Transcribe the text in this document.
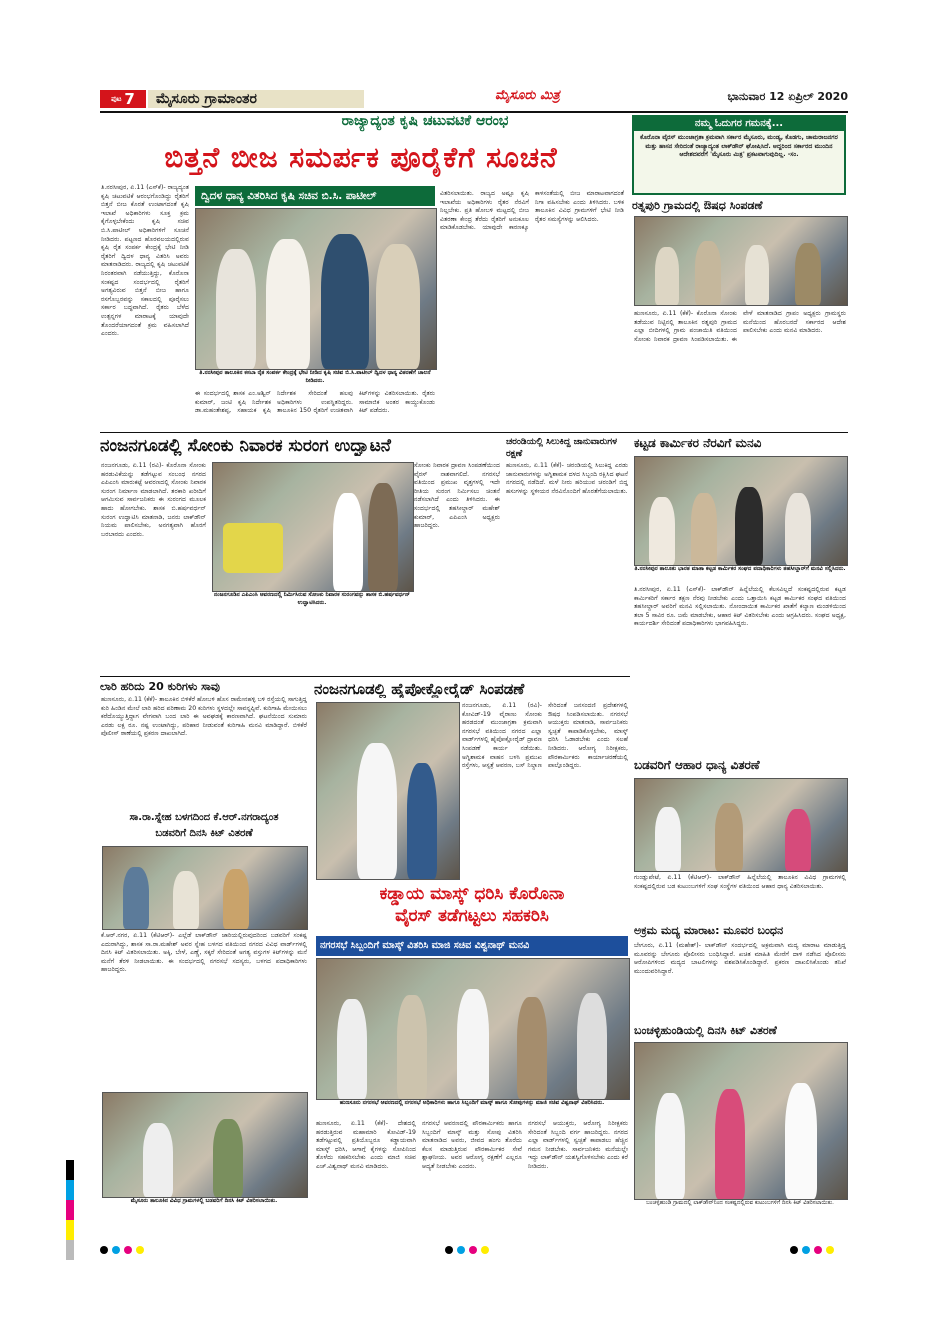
ಪುಟ 7	ಮೈಸೂರು ಗ್ರಾಮಾಂತರ	ಮೈಸೂರು ಮಿತ್ರ	ಭಾನುವಾರ 12 ಏಪ್ರಿಲ್ 2020
ರಾಜ್ಯಾದ್ಯಂತ ಕೃಷಿ ಚಟುವಟಿಕೆ ಆರಂಭ
ಬಿತ್ತನೆ ಬೀಜ ಸಮರ್ಪಕ ಪೂರೈಕೆಗೆ ಸೂಚನೆ
ನಮ್ಮ ಓದುಗರ ಗಮನಕ್ಕೆ...
ಕೊರೊನಾ ವೈರಸ್ ಮುಂಜಾಗ್ರತಾ ಕ್ರಮವಾಗಿ ಸರ್ಕಾರ ಮೈಸೂರು, ಮಂಡ್ಯ, ಕೊಡಗು, ಚಾಮರಾಜನಗರ ಮತ್ತು ಹಾಸನ ಸೇರಿದಂತೆ ರಾಜ್ಯಾದ್ಯಂತ ಲಾಕ್‌ಡೌನ್ ಘೋಷಿಸಿದೆ. ಆದ್ದರಿಂದ ಸರ್ಕಾರದ ಮುಂದಿನ ಆದೇಶದವರೆಗೆ 'ಮೈಸೂರು ಮಿತ್ರ' ಪ್ರಕಟವಾಗುವುದಿಲ್ಲ. -ಸಂ.
ತಿ.ನರಸೀಪುರ, ಏ.11 (ಎಸ್‌ಕೆ)- ರಾಜ್ಯದ್ಯಂತ ಕೃಷಿ ಚಟುವಟಿಕೆ ಆರಂಭಗೊಂಡಿದ್ದು ರೈತರಿಗೆ ಬಿತ್ತನೆ ಬೀಜ ಕೊರತೆ ಉಂಟಾಗದಂತೆ ಕೃಷಿ ಇಲಾಖೆ ಅಧಿಕಾರಿಗಳು ಸೂಕ್ತ ಕ್ರಮ ಕೈಗೊಳ್ಳಬೇಕೆಂದು ಕೃಷಿ ಸಚಿವ ಬಿ.ಸಿ.ಪಾಟೀಲ್ ಅಧಿಕಾರಿಗಳಿಗೆ ಸೂಚನೆ ನೀಡಿದರು. ಪಟ್ಟಣದ ಹೊರವಲಯದಲ್ಲಿರುವ ಕೃಷಿ ರೈತ ಸಂಪರ್ಕ ಕೇಂದ್ರಕ್ಕೆ ಭೇಟಿ ನೀಡಿ ರೈತರಿಗೆ ದ್ವಿದಳ ಧಾನ್ಯ ವಿತರಿಸಿ ಅವರು ಮಾತನಾಡಿದರು. ರಾಜ್ಯದಲ್ಲಿ ಕೃಷಿ ಚಟುವಟಿಕೆ ನಿರಂತರವಾಗಿ ನಡೆಯುತ್ತಿದ್ದು, ಕೊರೊನಾ ಸಂಕಷ್ಟದ ಸಂದರ್ಭದಲ್ಲಿ ರೈತರಿಗೆ ಅಗತ್ಯವಿರುವ ಬಿತ್ತನೆ ಬೀಜ ಹಾಗೂ ರಸಗೊಬ್ಬರವನ್ನು ಸಕಾಲದಲ್ಲಿ ಪೂರೈಸಲು ಸರ್ಕಾರ ಬದ್ಧವಾಗಿದೆ. ರೈತರು ಬೆಳೆದ ಉತ್ಪನ್ನಗಳ ಮಾರಾಟಕ್ಕೆ ಯಾವುದೇ ತೊಂದರೆಯಾಗದಂತೆ ಕ್ರಮ ವಹಿಸಲಾಗಿದೆ ಎಂದರು.
ದ್ವಿದಳ ಧಾನ್ಯ ವಿತರಿಸಿದ ಕೃಷಿ ಸಚಿವ ಬಿ.ಸಿ. ಪಾಟೀಲ್
ತಿ.ನರಸೀಪುರ ತಾಲೂಕಿನ ಕಸಬಾ ರೈತ ಸಂಪರ್ಕ ಕೇಂದ್ರಕ್ಕೆ ಭೇಟಿ ನೀಡಿದ ಕೃಷಿ ಸಚಿವ ಬಿ.ಸಿ.ಪಾಟೀಲ್ ದ್ವಿದಳ ಧಾನ್ಯ ವಿತರಣೆಗೆ ಚಾಲನೆ ನೀಡಿದರು.
ಈ ಸಂದರ್ಭದಲ್ಲಿ ಶಾಸಕ ಎಂ.ಅಶ್ವಿನ್ ಕುಮಾರ್, ಜಂಟಿ ಕೃಷಿ ನಿರ್ದೇಶಕ ಡಾ.ಮಹಂತೇಶಪ್ಪ, ಸಹಾಯಕ ಕೃಷಿ ನಿರ್ದೇಶಕ ಸೇರಿದಂತೆ ಹಲವು ಅಧಿಕಾರಿಗಳು ಉಪಸ್ಥಿತರಿದ್ದರು. ತಾಲೂಕಿನ 150 ರೈತರಿಗೆ ಉಚಿತವಾಗಿ ಕಿಟ್‌ಗಳನ್ನು ವಿತರಿಸಲಾಯಿತು. ರೈತರು ಸಾಮಾಜಿಕ ಅಂತರ ಕಾಯ್ದುಕೊಂಡು ಕಿಟ್ ಪಡೆದರು.
ವಿತರಿಸಲಾಯಿತು. ರಾಜ್ಯದ ಅಷ್ಟೂ ಕೃಷಿ ಇಲಾಖೆಯ ಅಧಿಕಾರಿಗಳು ರೈತರ ನೆರವಿಗೆ ನಿಲ್ಲಬೇಕು. ಪ್ರತಿ ಹೋಬಳಿ ಮಟ್ಟದಲ್ಲಿ ಬೀಜ ವಿತರಣಾ ಕೇಂದ್ರ ತೆರೆದು ರೈತರಿಗೆ ಅನುಕೂಲ ಮಾಡಿಕೊಡಬೇಕು. ಯಾವುದೇ ಕಾರಣಕ್ಕೂ ಕಾಳಸಂತೆಯಲ್ಲಿ ಬೀಜ ಮಾರಾಟವಾಗದಂತೆ ನಿಗಾ ವಹಿಸಬೇಕು ಎಂದು ತಿಳಿಸಿದರು. ಬಳಿಕ ತಾಲೂಕಿನ ವಿವಿಧ ಗ್ರಾಮಗಳಿಗೆ ಭೇಟಿ ನೀಡಿ ರೈತರ ಸಮಸ್ಯೆಗಳನ್ನು ಆಲಿಸಿದರು.
ರತ್ನಪುರಿ ಗ್ರಾಮದಲ್ಲಿ ಔಷಧ ಸಿಂಪಡಣೆ
ಹುಣಸೂರು, ಏ.11 (ಕೆಕೆ)- ಕೊರೊನಾ ಸೋಂಕು ತಡೆಯುವ ನಿಟ್ಟಿನಲ್ಲಿ ತಾಲೂಕಿನ ರತ್ನಪುರಿ ಗ್ರಾಮದ ಎಲ್ಲಾ ಬೀದಿಗಳಲ್ಲಿ ಗ್ರಾಮ ಪಂಚಾಯಿತಿ ವತಿಯಿಂದ ಸೋಂಕು ನಿವಾರಕ ದ್ರಾವಣ ಸಿಂಪಡಿಸಲಾಯಿತು. ಈ ವೇಳೆ ಮಾತನಾಡಿದ ಗ್ರಾಪಂ ಅಧ್ಯಕ್ಷರು ಗ್ರಾಮಸ್ಥರು ಮನೆಯಿಂದ ಹೊರಬರದೆ ಸರ್ಕಾರದ ಆದೇಶ ಪಾಲಿಸಬೇಕು ಎಂದು ಮನವಿ ಮಾಡಿದರು.
ನಂಜನಗೂಡಲ್ಲಿ ಸೋಂಕು ನಿವಾರಕ ಸುರಂಗ ಉದ್ಘಾಟನೆ
ನಂಜನಗೂಡು, ಏ.11 (ರವಿ)- ಕೊರೊನಾ ಸೋಂಕು ಹರಡುವಿಕೆಯನ್ನು ತಡೆಗಟ್ಟುವ ಸಂಬಂಧ ನಗರದ ಎಪಿಎಂಸಿ ಮಾರುಕಟ್ಟೆ ಆವರಣದಲ್ಲಿ ಸೋಂಕು ನಿವಾರಕ ಸುರಂಗ ನಿರ್ಮಾಣ ಮಾಡಲಾಗಿದೆ. ತರಕಾರಿ ಖರೀದಿಗೆ ಆಗಮಿಸುವ ಸಾರ್ವಜನಿಕರು ಈ ಸುರಂಗದ ಮೂಲಕ ಹಾದು ಹೋಗಬೇಕು. ಶಾಸಕ ಬಿ.ಹರ್ಷವರ್ಧನ್ ಸುರಂಗ ಉದ್ಘಾಟಿಸಿ ಮಾತನಾಡಿ, ಜನರು ಲಾಕ್‌ಡೌನ್ ನಿಯಮ ಪಾಲಿಸಬೇಕು, ಅನಗತ್ಯವಾಗಿ ಹೊರಗೆ ಬರಬಾರದು ಎಂದರು.
ನಂಜನಗೂಡಿನ ಎಪಿಎಂಸಿ ಆವರಣದಲ್ಲಿ ನಿರ್ಮಿಸಿರುವ ಸೋಂಕು ನಿವಾರಕ ಸುರಂಗವನ್ನು ಶಾಸಕ ಬಿ.ಹರ್ಷವರ್ಧನ್ ಉದ್ಘಾಟಿಸಿದರು.
ಸೋಂಕು ನಿವಾರಕ ದ್ರಾವಣ ಸಿಂಪಡಣೆಯಿಂದ ವೈರಸ್ ನಾಶವಾಗಲಿದೆ. ನಗರಸಭೆ ವತಿಯಿಂದ ಪ್ರಮುಖ ವೃತ್ತಗಳಲ್ಲಿ ಇದೇ ರೀತಿಯ ಸುರಂಗ ನಿರ್ಮಿಸಲು ಚಿಂತನೆ ನಡೆಸಲಾಗಿದೆ ಎಂದು ತಿಳಿಸಿದರು. ಈ ಸಂದರ್ಭದಲ್ಲಿ ತಹಸೀಲ್ದಾರ್ ಮಹೇಶ್ ಕುಮಾರ್, ಎಪಿಎಂಸಿ ಅಧ್ಯಕ್ಷರು ಹಾಜರಿದ್ದರು.
ಚರಂಡಿಯಲ್ಲಿ ಸಿಲುಕಿದ್ದ ಜಾನುವಾರುಗಳ ರಕ್ಷಣೆ
ಹುಣಸೂರು, ಏ.11 (ಕೆಕೆ)- ಚರಂಡಿಯಲ್ಲಿ ಸಿಲುಕಿದ್ದ ಎರಡು ಜಾನುವಾರುಗಳನ್ನು ಅಗ್ನಿಶಾಮಕ ದಳದ ಸಿಬ್ಬಂದಿ ರಕ್ಷಿಸಿದ ಘಟನೆ ನಗರದಲ್ಲಿ ನಡೆದಿದೆ. ಮಳೆ ನೀರು ಹರಿಯುವ ಚರಂಡಿಗೆ ಬಿದ್ದ ಹಸುಗಳನ್ನು ಸ್ಥಳೀಯರ ನೆರವಿನೊಂದಿಗೆ ಹೊರತೆಗೆಯಲಾಯಿತು.
ಕಟ್ಟಡ ಕಾರ್ಮಿಕರ ನೆರವಿಗೆ ಮನವಿ
ತಿ.ನರಸೀಪುರ ತಾಲೂಕು ಭಾರತ ಮಾತಾ ಕಟ್ಟಡ ಕಾರ್ಮಿಕರ ಸಂಘದ ಪದಾಧಿಕಾರಿಗಳು ತಹಸೀಲ್ದಾರ್‌ಗೆ ಮನವಿ ಸಲ್ಲಿಸಿದರು.
ತಿ.ನರಸೀಪುರ, ಏ.11 (ಎಸ್‌ಕೆ)- ಲಾಕ್‌ಡೌನ್ ಹಿನ್ನೆಲೆಯಲ್ಲಿ ಕೆಲಸವಿಲ್ಲದೆ ಸಂಕಷ್ಟದಲ್ಲಿರುವ ಕಟ್ಟಡ ಕಾರ್ಮಿಕರಿಗೆ ಸರ್ಕಾರ ತಕ್ಷಣ ನೆರವು ನೀಡಬೇಕು ಎಂದು ಒತ್ತಾಯಿಸಿ ಕಟ್ಟಡ ಕಾರ್ಮಿಕರ ಸಂಘದ ವತಿಯಿಂದ ತಹಸೀಲ್ದಾರ್ ಅವರಿಗೆ ಮನವಿ ಸಲ್ಲಿಸಲಾಯಿತು. ನೋಂದಾಯಿತ ಕಾರ್ಮಿಕರ ಖಾತೆಗೆ ಕಲ್ಯಾಣ ಮಂಡಳಿಯಿಂದ ತಲಾ 5 ಸಾವಿರ ರೂ. ಜಮೆ ಮಾಡಬೇಕು, ಆಹಾರ ಕಿಟ್ ವಿತರಿಸಬೇಕು ಎಂದು ಆಗ್ರಹಿಸಿದರು. ಸಂಘದ ಅಧ್ಯಕ್ಷ, ಕಾರ್ಯದರ್ಶಿ ಸೇರಿದಂತೆ ಪದಾಧಿಕಾರಿಗಳು ಭಾಗವಹಿಸಿದ್ದರು.
ಲಾರಿ ಹರಿದು 20 ಕುರಿಗಳು ಸಾವು
ಹುಣಸೂರು, ಏ.11 (ಕೆಕೆ)- ತಾಲೂಕಿನ ಬಿಳಿಕೆರೆ ಹೋಬಳಿ ಹೊಸ ರಾಮೇನಹಳ್ಳಿ ಬಳಿ ರಸ್ತೆಯಲ್ಲಿ ಸಾಗುತ್ತಿದ್ದ ಕುರಿ ಹಿಂಡಿನ ಮೇಲೆ ಲಾರಿ ಹರಿದ ಪರಿಣಾಮ 20 ಕುರಿಗಳು ಸ್ಥಳದಲ್ಲೇ ಸಾವನ್ನಪ್ಪಿವೆ. ಕುರಿಗಾಹಿ ಮೇಯಿಸಲು ಕರೆದೊಯ್ಯುತ್ತಿದ್ದಾಗ ವೇಗವಾಗಿ ಬಂದ ಲಾರಿ ಈ ಅವಘಡಕ್ಕೆ ಕಾರಣವಾಗಿದೆ. ಘಟನೆಯಿಂದ ಸುಮಾರು ಎರಡು ಲಕ್ಷ ರೂ. ನಷ್ಟ ಉಂಟಾಗಿದ್ದು, ಪರಿಹಾರ ನೀಡುವಂತೆ ಕುರಿಗಾಹಿ ಮನವಿ ಮಾಡಿದ್ದಾರೆ. ಬಿಳಿಕೆರೆ ಪೊಲೀಸ್ ಠಾಣೆಯಲ್ಲಿ ಪ್ರಕರಣ ದಾಖಲಾಗಿದೆ.
ಸಾ.ರಾ.ಸ್ನೇಹ ಬಳಗದಿಂದ ಕೆ.ಆರ್.ನಗರಾದ್ಯಂತ
ಬಡವರಿಗೆ ದಿನಸಿ ಕಿಟ್ ವಿತರಣೆ
ಕೆ.ಆರ್.ನಗರ, ಏ.11 (ಕೆಟಿಆರ್)- ಎಲ್ಲೆಡೆ ಲಾಕ್‌ಡೌನ್ ಜಾರಿಯಲ್ಲಿರುವುದರಿಂದ ಬಡವರಿಗೆ ಸಂಕಷ್ಟ ಎದುರಾಗಿದ್ದು, ಶಾಸಕ ಸಾ.ರಾ.ಮಹೇಶ್ ಅವರ ಸ್ನೇಹ ಬಳಗದ ವತಿಯಿಂದ ನಗರದ ವಿವಿಧ ವಾರ್ಡ್‌ಗಳಲ್ಲಿ ದಿನಸಿ ಕಿಟ್ ವಿತರಿಸಲಾಯಿತು. ಅಕ್ಕಿ, ಬೇಳೆ, ಎಣ್ಣೆ, ಸಕ್ಕರೆ ಸೇರಿದಂತೆ ಅಗತ್ಯ ವಸ್ತುಗಳ ಕಿಟ್‌ಗಳನ್ನು ಮನೆ ಮನೆಗೆ ತೆರಳಿ ನೀಡಲಾಯಿತು. ಈ ಸಂದರ್ಭದಲ್ಲಿ ನಗರಸಭೆ ಸದಸ್ಯರು, ಬಳಗದ ಪದಾಧಿಕಾರಿಗಳು ಹಾಜರಿದ್ದರು.
ಮೈಸೂರು ತಾಲೂಕಿನ ವಿವಿಧ ಗ್ರಾಮಗಳಲ್ಲಿ ಬಡವರಿಗೆ ದಿನಸಿ ಕಿಟ್ ವಿತರಿಸಲಾಯಿತು.
ನಂಜನಗೂಡಲ್ಲಿ ಹೈಪೋಕ್ಲೋರೈಡ್ ಸಿಂಪಡಣೆ
ನಂಜನಗೂಡು, ಏ.11 (ರವಿ)- ಕೋವಿಡ್-19 ವೈರಾಣು ಸೋಂಕು ಹರಡದಂತೆ ಮುಂಜಾಗ್ರತಾ ಕ್ರಮವಾಗಿ ನಗರಸಭೆ ವತಿಯಿಂದ ನಗರದ ಎಲ್ಲಾ ವಾರ್ಡ್‌ಗಳಲ್ಲಿ ಹೈಪೋಕ್ಲೋರೈಡ್ ದ್ರಾವಣ ಸಿಂಪಡಣೆ ಕಾರ್ಯ ನಡೆಯಿತು. ಅಗ್ನಿಶಾಮಕ ವಾಹನ ಬಳಸಿ ಪ್ರಮುಖ ರಸ್ತೆಗಳು, ಆಸ್ಪತ್ರೆ ಆವರಣ, ಬಸ್ ನಿಲ್ದಾಣ ಸೇರಿದಂತೆ ಜನಸಂದಣಿ ಪ್ರದೇಶಗಳಲ್ಲಿ ಔಷಧ ಸಿಂಪಡಿಸಲಾಯಿತು. ನಗರಸಭೆ ಆಯುಕ್ತರು ಮಾತನಾಡಿ, ಸಾರ್ವಜನಿಕರು ಸ್ವಚ್ಛತೆ ಕಾಪಾಡಿಕೊಳ್ಳಬೇಕು, ಮಾಸ್ಕ್ ಧರಿಸಿ ಓಡಾಡಬೇಕು ಎಂದು ಸಲಹೆ ನೀಡಿದರು. ಆರೋಗ್ಯ ನಿರೀಕ್ಷಕರು, ಪೌರಕಾರ್ಮಿಕರು ಕಾರ್ಯಾಚರಣೆಯಲ್ಲಿ ಪಾಲ್ಗೊಂಡಿದ್ದರು.
ಕಡ್ಡಾಯ ಮಾಸ್ಕ್ ಧರಿಸಿ ಕೊರೊನಾ
ವೈರಸ್ ತಡೆಗಟ್ಟಲು ಸಹಕರಿಸಿ
ನಗರಸಭೆ ಸಿಬ್ಬಂದಿಗೆ ಮಾಸ್ಕ್ ವಿತರಿಸಿ ಮಾಜಿ ಸಚಿವ ವಿಶ್ವನಾಥ್ ಮನವಿ
ಹುಣಸೂರು ನಗರಸಭೆ ಆವರಣದಲ್ಲಿ ನಗರಸಭೆ ಅಧಿಕಾರಿಗಳು ಹಾಗೂ ಸಿಬ್ಬಂದಿಗೆ ಮಾಸ್ಕ್ ಹಾಗೂ ಸೋಪುಗಳನ್ನು ಮಾಜಿ ಸಚಿವ ವಿಶ್ವನಾಥ್ ವಿತರಿಸಿದರು.
ಹುಣಸೂರು, ಏ.11 (ಕೆಕೆ)- ದೇಶದಲ್ಲಿ ಹರಡುತ್ತಿರುವ ಮಹಾಮಾರಿ ಕೋವಿಡ್-19 ತಡೆಗಟ್ಟುವಲ್ಲಿ ಪ್ರತಿಯೊಬ್ಬರೂ ಕಡ್ಡಾಯವಾಗಿ ಮಾಸ್ಕ್ ಧರಿಸಿ, ಆಗಾಗ್ಗೆ ಕೈಗಳನ್ನು ಸೋಪಿನಿಂದ ತೊಳೆದು ಸಹಕರಿಸಬೇಕು ಎಂದು ಮಾಜಿ ಸಚಿವ ಎಚ್.ವಿಶ್ವನಾಥ್ ಮನವಿ ಮಾಡಿದರು.
ನಗರಸಭೆ ಆವರಣದಲ್ಲಿ ಪೌರಕಾರ್ಮಿಕರು ಹಾಗೂ ಸಿಬ್ಬಂದಿಗೆ ಮಾಸ್ಕ್ ಮತ್ತು ಸೋಪು ವಿತರಿಸಿ ಮಾತನಾಡಿದ ಅವರು, ಜೀವದ ಹಂಗು ತೊರೆದು ಕೆಲಸ ಮಾಡುತ್ತಿರುವ ಪೌರಕಾರ್ಮಿಕರ ಸೇವೆ ಶ್ಲಾಘನೀಯ. ಅವರ ಆರೋಗ್ಯ ರಕ್ಷಣೆಗೆ ಎಲ್ಲರೂ ಆದ್ಯತೆ ನೀಡಬೇಕು ಎಂದರು.
ನಗರಸಭೆ ಆಯುಕ್ತರು, ಆರೋಗ್ಯ ನಿರೀಕ್ಷಕರು ಸೇರಿದಂತೆ ಸಿಬ್ಬಂದಿ ವರ್ಗ ಹಾಜರಿದ್ದರು. ನಗರದ ಎಲ್ಲಾ ವಾರ್ಡ್‌ಗಳಲ್ಲಿ ಸ್ವಚ್ಛತೆ ಕಾಪಾಡಲು ಹೆಚ್ಚಿನ ಗಮನ ನೀಡಬೇಕು. ಸಾರ್ವಜನಿಕರು ಮನೆಯಲ್ಲೇ ಇದ್ದು ಲಾಕ್‌ಡೌನ್ ಯಶಸ್ವಿಗೊಳಿಸಬೇಕು ಎಂದು ಕರೆ ನೀಡಿದರು.
ಬಡವರಿಗೆ ಆಹಾರ ಧಾನ್ಯ ವಿತರಣೆ
ಗುಂಡ್ಲುಪೇಟೆ, ಏ.11 (ಕೆಟಿಆರ್)- ಲಾಕ್‌ಡೌನ್ ಹಿನ್ನೆಲೆಯಲ್ಲಿ ತಾಲೂಕಿನ ವಿವಿಧ ಗ್ರಾಮಗಳಲ್ಲಿ ಸಂಕಷ್ಟದಲ್ಲಿರುವ ಬಡ ಕುಟುಂಬಗಳಿಗೆ ಸಂಘ ಸಂಸ್ಥೆಗಳ ವತಿಯಿಂದ ಆಹಾರ ಧಾನ್ಯ ವಿತರಿಸಲಾಯಿತು.
ಅಕ್ರಮ ಮದ್ಯ ಮಾರಾಟ: ಮೂವರ ಬಂಧನ
ಬೇಗೂರು, ಏ.11 (ಮಹೇಶ್)- ಲಾಕ್‌ಡೌನ್ ಸಂದರ್ಭದಲ್ಲಿ ಅಕ್ರಮವಾಗಿ ಮದ್ಯ ಮಾರಾಟ ಮಾಡುತ್ತಿದ್ದ ಮೂವರನ್ನು ಬೇಗೂರು ಪೊಲೀಸರು ಬಂಧಿಸಿದ್ದಾರೆ. ಖಚಿತ ಮಾಹಿತಿ ಮೇರೆಗೆ ದಾಳಿ ನಡೆಸಿದ ಪೊಲೀಸರು ಆರೋಪಿಗಳಿಂದ ಮದ್ಯದ ಬಾಟಲಿಗಳನ್ನು ವಶಪಡಿಸಿಕೊಂಡಿದ್ದಾರೆ. ಪ್ರಕರಣ ದಾಖಲಿಸಿಕೊಂಡು ತನಿಖೆ ಮುಂದುವರಿಸಿದ್ದಾರೆ.
ಬಂಚಳ್ಳಿಹುಂಡಿಯಲ್ಲಿ ದಿನಸಿ ಕಿಟ್ ವಿತರಣೆ
ಬಂಚಳ್ಳಿಹುಂಡಿ ಗ್ರಾಮದಲ್ಲಿ ಲಾಕ್‌ಡೌನ್‌ನಿಂದ ಸಂಕಷ್ಟದಲ್ಲಿರುವ ಕುಟುಂಬಗಳಿಗೆ ದಿನಸಿ ಕಿಟ್ ವಿತರಿಸಲಾಯಿತು.
